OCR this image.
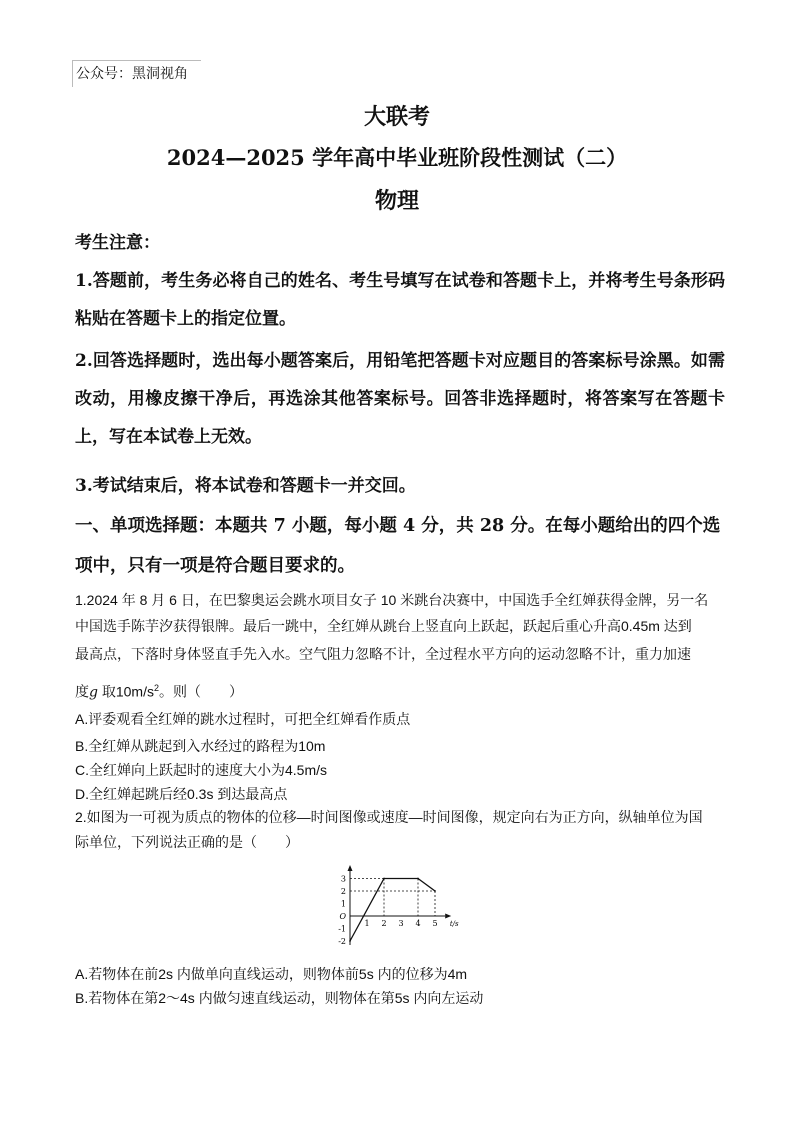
公众号：黑洞视角
大联考
2024—2025 学年高中毕业班阶段性测试（二）
物理
考生注意：
1.答题前，考生务必将自己的姓名、考生号填写在试卷和答题卡上，并将考生号条形码粘贴在答题卡上的指定位置。
2.回答选择题时，选出每小题答案后，用铅笔把答题卡对应题目的答案标号涂黑。如需改动，用橡皮擦干净后，再选涂其他答案标号。回答非选择题时，将答案写在答题卡上，写在本试卷上无效。
3.考试结束后，将本试卷和答题卡一并交回。
一、单项选择题：本题共 7 小题，每小题 4 分，共 28 分。在每小题给出的四个选项中，只有一项是符合题目要求的。
1.2024 年 8 月 6 日，在巴黎奥运会跳水项目女子 10 米跳台决赛中，中国选手全红婵获得金牌，另一名
中国选手陈芋汐获得银牌。最后一跳中，全红婵从跳台上竖直向上跃起，跃起后重心升高0.45m 达到
最高点，下落时身体竖直手先入水。空气阻力忽略不计，全过程水平方向的运动忽略不计，重力加速
度g 取$10m/s^2$。则（　　）
A.评委观看全红婵的跳水过程时，可把全红婵看作质点
B.全红婵从跳起到入水经过的路程为10m
C.全红婵向上跃起时的速度大小为4.5m/s
D.全红婵起跳后经0.3s 到达最高点
2.如图为一可视为质点的物体的位移—时间图像或速度—时间图像，规定向右为正方向，纵轴单位为国
际单位，下列说法正确的是（　　）
1 2 3 4 5 t/s
3
2
1
O
-1
-2
A.若物体在前2s 内做单向直线运动，则物体前5s 内的位移为4m
B.若物体在第2～4s 内做匀速直线运动，则物体在第5s 内向左运动
